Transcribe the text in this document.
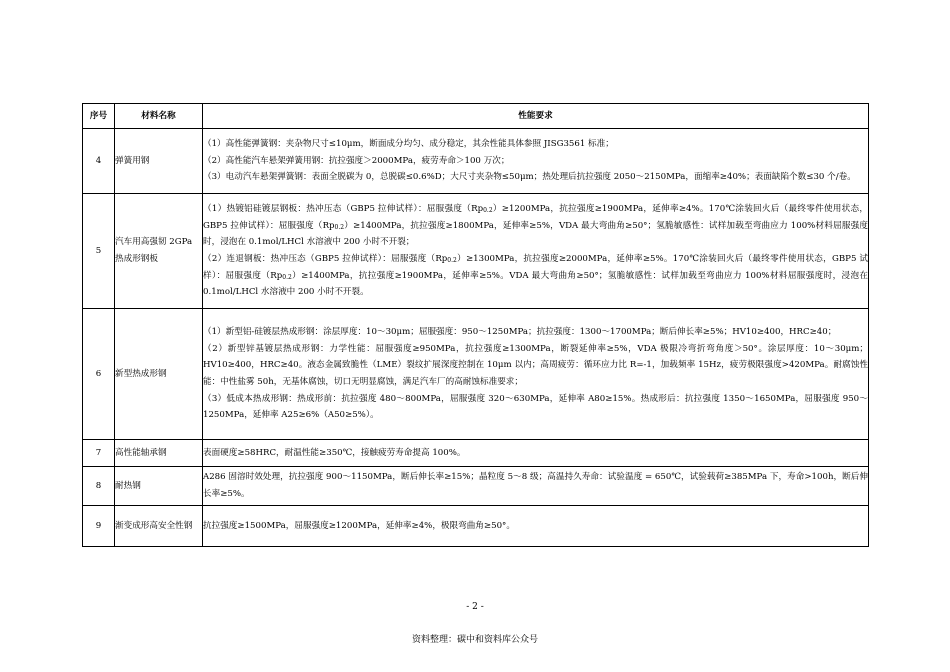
序号	材料名称	性能要求
4	弹簧用钢	（1）高性能弹簧钢：夹杂物尺寸≤10μm，断面成分均匀、成分稳定，其余性能具体参照 JISG3561 标准；

（2）高性能汽车悬架弹簧用钢：抗拉强度＞2000MPa，疲劳寿命＞100 万次；

（3）电动汽车悬架弹簧钢：表面全脱碳为 0，总脱碳≤0.6%D；大尺寸夹杂物≤50μm；热处理后抗拉强度 2050～2150MPa，面缩率≥40%；表面缺陷个数≤30 个/卷。

5	汽车用高强韧 2GPa 热成形钢板	（1）热镀铝硅镀层钢板：热冲压态（GBP5 拉伸试样）：屈服强度$(Rp_{0.2})\ge 1200MPa$，抗拉强度≥1900MPa，延伸率≥4%。170℃涂装回火后（最终零件使用状态，GBP5 拉伸试样）：屈服强度$(Rp_{0.2})\ge 1400MPa$，抗拉强度≥1800MPa，延伸率≥5%，VDA 最大弯曲角≥50°；氢脆敏感性：试样加载至弯曲应力 100%材料屈服强度时，浸泡在 0.1mol/LHCl 水溶液中 200 小时不开裂；

（2）连退钢板：热冲压态（GBP5 拉伸试样）：屈服强度$(Rp_{0.2})\ge 1300MPa$，抗拉强度≥2000MPa，延伸率≥5%。170℃涂装回火后（最终零件使用状态，GBP5 试样）：屈服强度$(Rp_{0.2})\ge 1400MPa$，抗拉强度≥1900MPa，延伸率≥5%。VDA 最大弯曲角≥50°；氢脆敏感性：试样加载至弯曲应力 100%材料屈服强度时，浸泡在 0.1mol/LHCl 水溶液中 200 小时不开裂。

6	新型热成形钢	（1）新型铝-硅镀层热成形钢：涂层厚度：10～30μm；屈服强度：950～1250MPa；抗拉强度：1300～1700MPa；断后伸长率≥5%；HV10≥400，HRC≥40；

（2）新型锌基镀层热成形钢：力学性能：屈服强度≥950MPa，抗拉强度≥1300MPa，断裂延伸率≥5%，VDA 极限冷弯折弯角度＞50°。涂层厚度：10～30μm；HV10≥400，HRC≥40。液态金属致脆性（LME）裂纹扩展深度控制在 10μm 以内；高周疲劳：循环应力比 R=-1，加载频率 15Hz，疲劳极限强度>420MPa。耐腐蚀性能：中性盐雾 50h，无基体腐蚀，切口无明显腐蚀，满足汽车厂的高耐蚀标准要求；

（3）低成本热成形钢：热成形前：抗拉强度 480～800MPa，屈服强度 320～630MPa，延伸率 A80≥15%。热成形后：抗拉强度 1350～1650MPa，屈服强度 950～1250MPa，延伸率 A25≥6%（A50≥5%）。

7	高性能轴承钢	表面硬度≥58HRC，耐温性能≥350℃，接触疲劳寿命提高 100%。

8	耐热钢	A286 固溶时效处理，抗拉强度 900～1150MPa，断后伸长率≥15%；晶粒度 5～8 级；高温持久寿命：试验温度 = 650℃，试验载荷≥385MPa 下，寿命>100h，断后伸长率≥5%。

9	渐变成形高安全性钢	抗拉强度≥1500MPa，屈服强度≥1200MPa，延伸率≥4%，极限弯曲角≥50°。

- 2 -
资料整理：碳中和资料库公众号
